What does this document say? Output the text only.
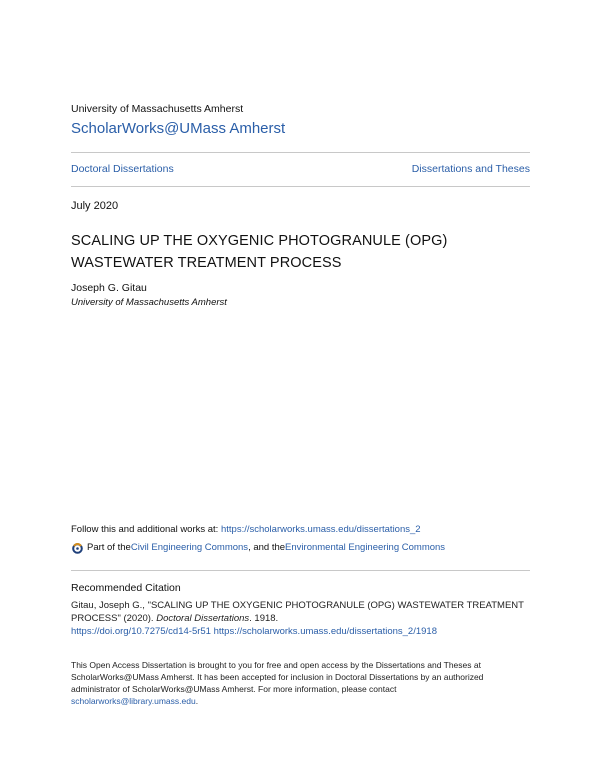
University of Massachusetts Amherst
ScholarWorks@UMass Amherst
Doctoral Dissertations	Dissertations and Theses
July 2020
SCALING UP THE OXYGENIC PHOTOGRANULE (OPG)
WASTEWATER TREATMENT PROCESS
Joseph G. Gitau
University of Massachusetts Amherst
Follow this and additional works at: https://scholarworks.umass.edu/dissertations_2
Part of the Civil Engineering Commons , and the Environmental Engineering Commons
Recommended Citation
Gitau, Joseph G., "SCALING UP THE OXYGENIC PHOTOGRANULE (OPG) WASTEWATER TREATMENT
PROCESS" (2020). Doctoral Dissertations. 1918.
https://doi.org/10.7275/cd14-5r51 https://scholarworks.umass.edu/dissertations_2/1918
This Open Access Dissertation is brought to you for free and open access by the Dissertations and Theses at ScholarWorks@UMass Amherst. It has been accepted for inclusion in Doctoral Dissertations by an authorized administrator of ScholarWorks@UMass Amherst. For more information, please contact
scholarworks@library.umass.edu.
